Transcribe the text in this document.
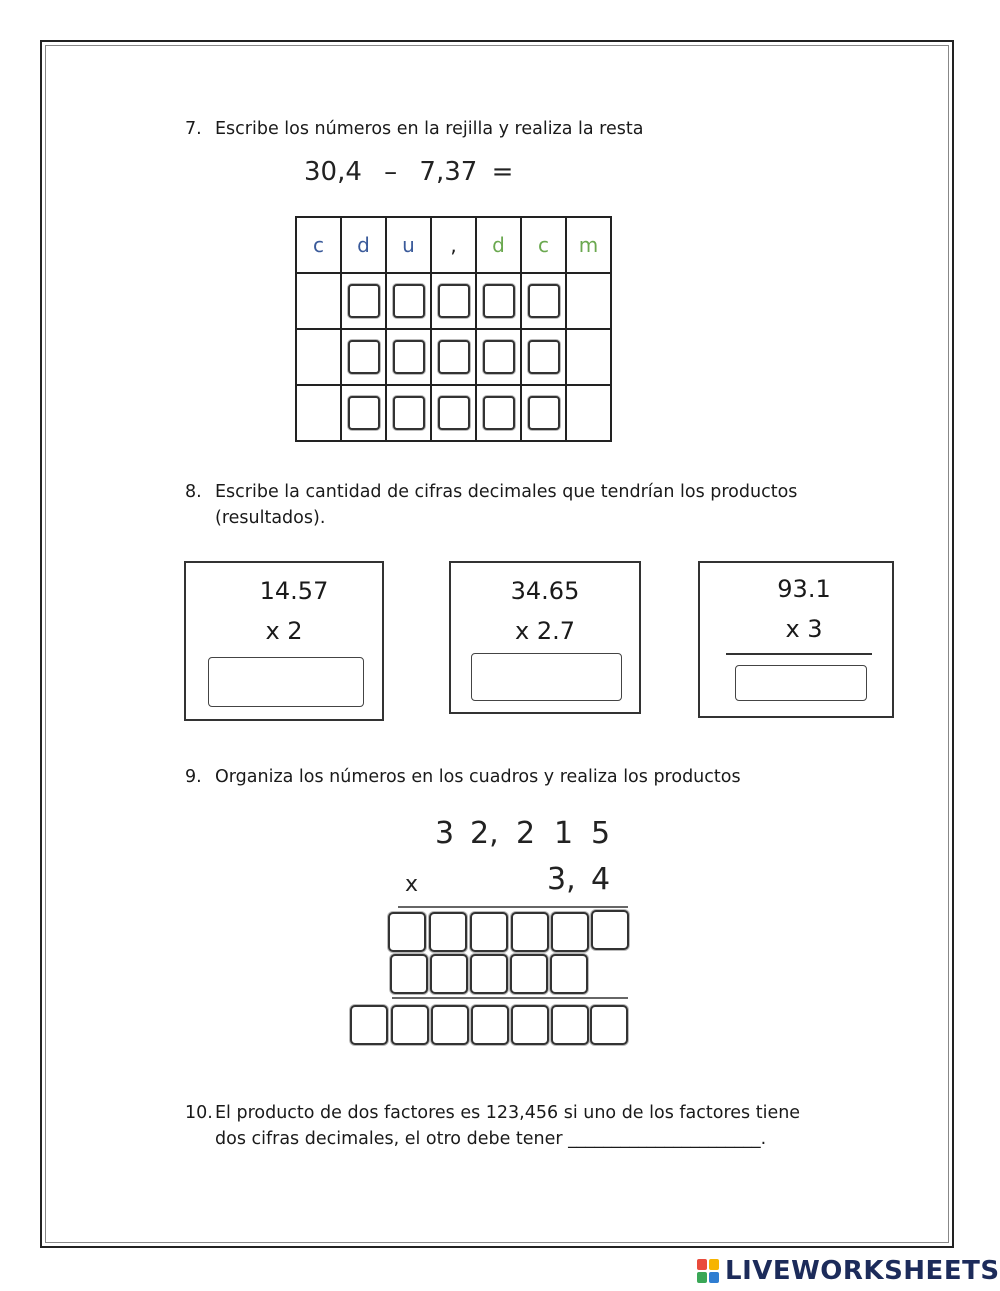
7. Escribe los números en la rejilla y realiza la resta
30,4 – 7,37 =
c	d	u	,	d	c	m

8. Escribe la cantidad de cifras decimales que tendrían los productos
(resultados).
14.57
x 2
34.65
x 2.7
93.1
x 3
9. Organiza los números en los cuadros y realiza los productos
3 2, 2 1 5
x	3, 4
10. El producto de dos factores es 123,456 si uno de los factores tiene
dos cifras decimales, el otro debe tener ______________________.
LIVEWORKSHEETS
